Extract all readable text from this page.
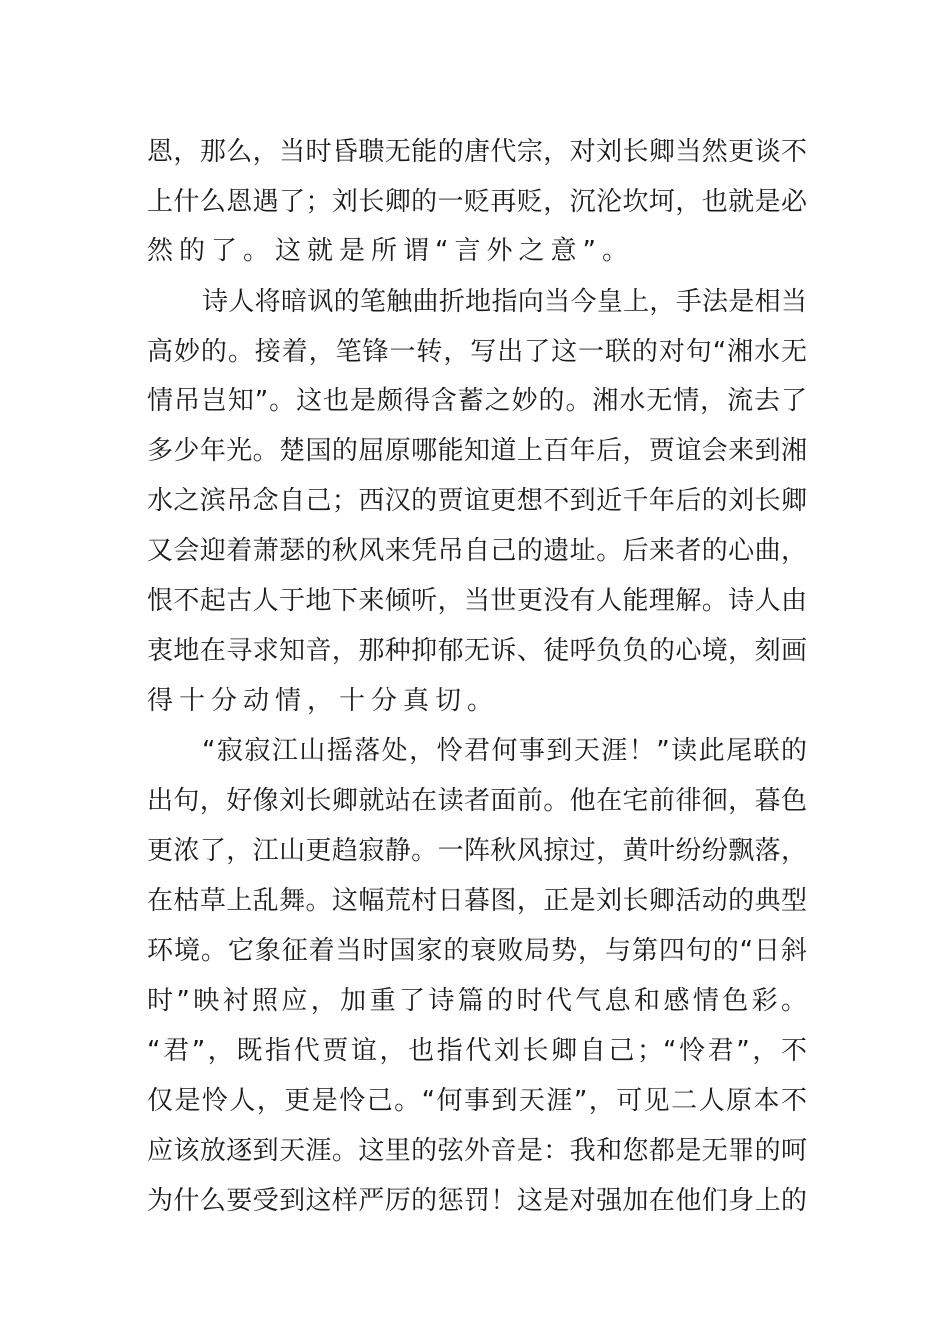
恩，那么，当时昏聩无能的唐代宗，对刘长卿当然更谈不
上什么恩遇了；刘长卿的一贬再贬，沉沦坎坷，也就是必
然的了。这就是所谓“言外之意”。
诗人将暗讽的笔触曲折地指向当今皇上，手法是相当
高妙的。接着，笔锋一转，写出了这一联的对句“湘水无
情吊岂知”。这也是颇得含蓄之妙的。湘水无情，流去了
多少年光。楚国的屈原哪能知道上百年后，贾谊会来到湘
水之滨吊念自己；西汉的贾谊更想不到近千年后的刘长卿
又会迎着萧瑟的秋风来凭吊自己的遗址。后来者的心曲，
恨不起古人于地下来倾听，当世更没有人能理解。诗人由
衷地在寻求知音，那种抑郁无诉、徒呼负负的心境，刻画
得十分动情，十分真切。
“寂寂江山摇落处，怜君何事到天涯！”读此尾联的
出句，好像刘长卿就站在读者面前。他在宅前徘徊，暮色
更浓了，江山更趋寂静。一阵秋风掠过，黄叶纷纷飘落，
在枯草上乱舞。这幅荒村日暮图，正是刘长卿活动的典型
环境。它象征着当时国家的衰败局势，与第四句的“日斜
时”映衬照应，加重了诗篇的时代气息和感情色彩。
“君”，既指代贾谊，也指代刘长卿自己；“怜君”，不
仅是怜人，更是怜己。“何事到天涯”，可见二人原本不
应该放逐到天涯。这里的弦外音是：我和您都是无罪的呵
为什么要受到这样严厉的惩罚！这是对强加在他们身上的
